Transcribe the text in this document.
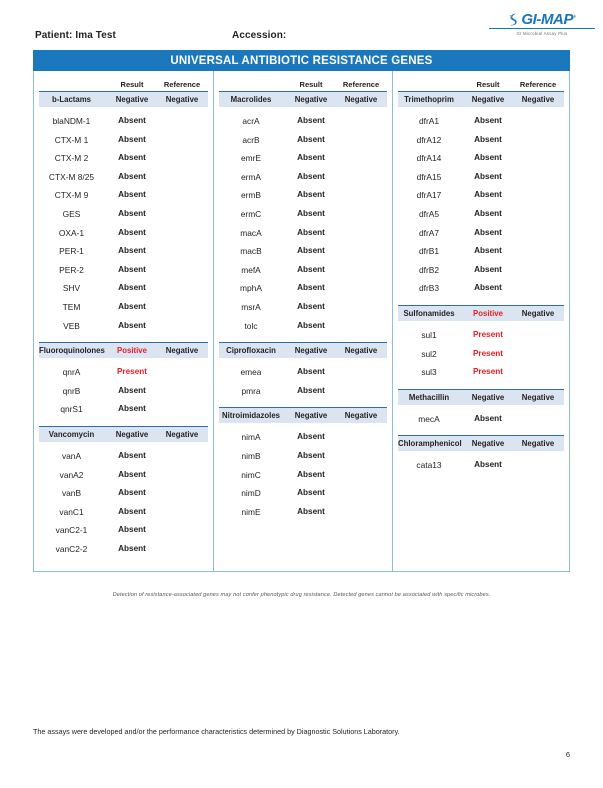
Patient: Ima Test	Accession:
GI-MAP®
GI Microbial Assay Plus
UNIVERSAL ANTIBIOTIC RESISTANCE GENES
Result	Reference
b-Lactams	Negative	Negative
blaNDM-1	Absent
CTX-M 1	Absent
CTX-M 2	Absent
CTX-M 8/25	Absent
CTX-M 9	Absent
GES	Absent
OXA-1	Absent
PER-1	Absent
PER-2	Absent
SHV	Absent
TEM	Absent
VEB	Absent
Fluoroquinolones	Positive	Negative
qnrA	Present
qnrB	Absent
qnrS1	Absent
Vancomycin	Negative	Negative
vanA	Absent
vanA2	Absent
vanB	Absent
vanC1	Absent
vanC2-1	Absent
vanC2-2	Absent
Result	Reference
Macrolides	Negative	Negative
acrA	Absent
acrB	Absent
emrE	Absent
ermA	Absent
ermB	Absent
ermC	Absent
macA	Absent
macB	Absent
mefA	Absent
mphA	Absent
msrA	Absent
tolc	Absent
Ciprofloxacin	Negative	Negative
emea	Absent
pmra	Absent
Nitroimidazoles	Negative	Negative
nimA	Absent
nimB	Absent
nimC	Absent
nimD	Absent
nimE	Absent
Result	Reference
Trimethoprim	Negative	Negative
dfrA1	Absent
dfrA12	Absent
dfrA14	Absent
dfrA15	Absent
dfrA17	Absent
dfrA5	Absent
dfrA7	Absent
dfrB1	Absent
dfrB2	Absent
dfrB3	Absent
Sulfonamides	Positive	Negative
sul1	Present
sul2	Present
sul3	Present
Methacillin	Negative	Negative
mecA	Absent
Chloramphenicol	Negative	Negative
cata13	Absent
Detection of resistance-associated genes may not confer phenotypic drug resistance. Detected genes cannot be associated with specific microbes.
The assays were developed and/or the performance characteristics determined by Diagnostic Solutions Laboratory.
6
